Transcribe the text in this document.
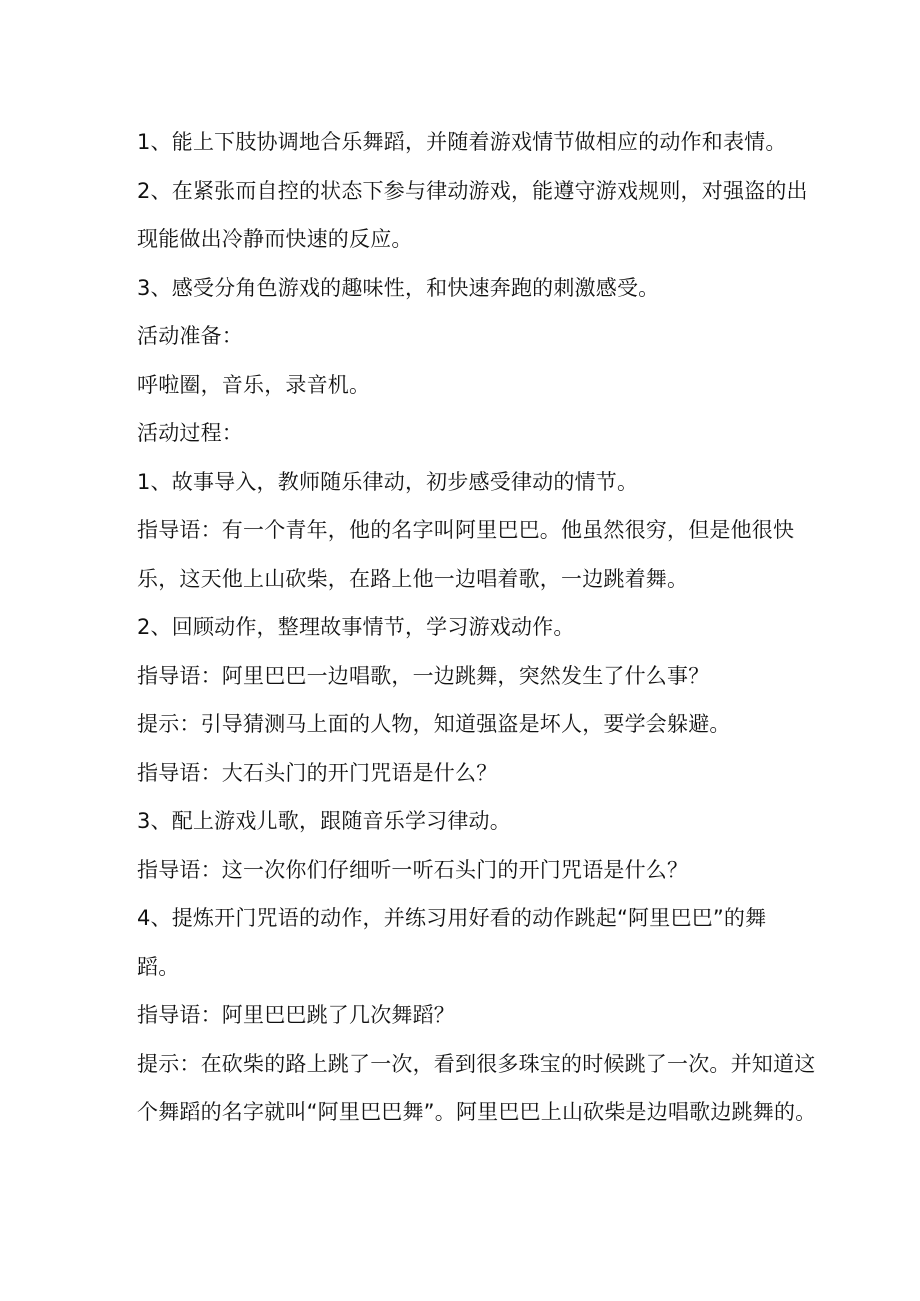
1、能上下肢协调地合乐舞蹈，并随着游戏情节做相应的动作和表情。
2、在紧张而自控的状态下参与律动游戏，能遵守游戏规则，对强盗的出
现能做出冷静而快速的反应。
3、感受分角色游戏的趣味性，和快速奔跑的刺激感受。
活动准备：
呼啦圈，音乐，录音机。
活动过程：
1、故事导入，教师随乐律动，初步感受律动的情节。
指导语：有一个青年，他的名字叫阿里巴巴。他虽然很穷，但是他很快
乐，这天他上山砍柴，在路上他一边唱着歌，一边跳着舞。
2、回顾动作，整理故事情节，学习游戏动作。
指导语：阿里巴巴一边唱歌，一边跳舞，突然发生了什么事？
提示：引导猜测马上面的人物，知道强盗是坏人，要学会躲避。
指导语：大石头门的开门咒语是什么？
3、配上游戏儿歌，跟随音乐学习律动。
指导语：这一次你们仔细听一听石头门的开门咒语是什么？
4、提炼开门咒语的动作，并练习用好看的动作跳起“阿里巴巴”的舞
蹈。
指导语：阿里巴巴跳了几次舞蹈？
提示：在砍柴的路上跳了一次，看到很多珠宝的时候跳了一次。并知道这
个舞蹈的名字就叫“阿里巴巴舞”。阿里巴巴上山砍柴是边唱歌边跳舞的。
